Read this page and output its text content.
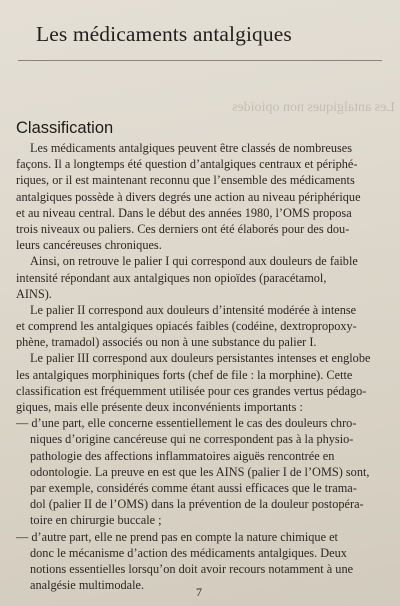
Les médicaments antalgiques
Les antalgiques non opioïdes
Classification
Les médicaments antalgiques peuvent être classés de nombreuses
façons. Il a longtemps été question d’antalgiques centraux et périphé-
riques, or il est maintenant reconnu que l’ensemble des médicaments
antalgiques possède à divers degrés une action au niveau périphérique
et au niveau central. Dans le début des années 1980, l’OMS proposa
trois niveaux ou paliers. Ces derniers ont été élaborés pour des dou-
leurs cancéreuses chroniques.
Ainsi, on retrouve le palier I qui correspond aux douleurs de faible
intensité répondant aux antalgiques non opioïdes (paracétamol,
AINS).
Le palier II correspond aux douleurs d’intensité modérée à intense
et comprend les antalgiques opiacés faibles (codéine, dextropropoxy-
phène, tramadol) associés ou non à une substance du palier I.
Le palier III correspond aux douleurs persistantes intenses et englobe
les antalgiques morphiniques forts (chef de file : la morphine). Cette
classification est fréquemment utilisée pour ces grandes vertus pédago-
giques, mais elle présente deux inconvénients importants :
— d’une part, elle concerne essentiellement le cas des douleurs chro-
niques d’origine cancéreuse qui ne correspondent pas à la physio-
pathologie des affections inflammatoires aiguës rencontrée en
odontologie. La preuve en est que les AINS (palier I de l’OMS) sont,
par exemple, considérés comme étant aussi efficaces que le trama-
dol (palier II de l’OMS) dans la prévention de la douleur postopéra-
toire en chirurgie buccale ;
— d’autre part, elle ne prend pas en compte la nature chimique et
donc le mécanisme d’action des médicaments antalgiques. Deux
notions essentielles lorsqu’on doit avoir recours notamment à une
analgésie multimodale.	7
